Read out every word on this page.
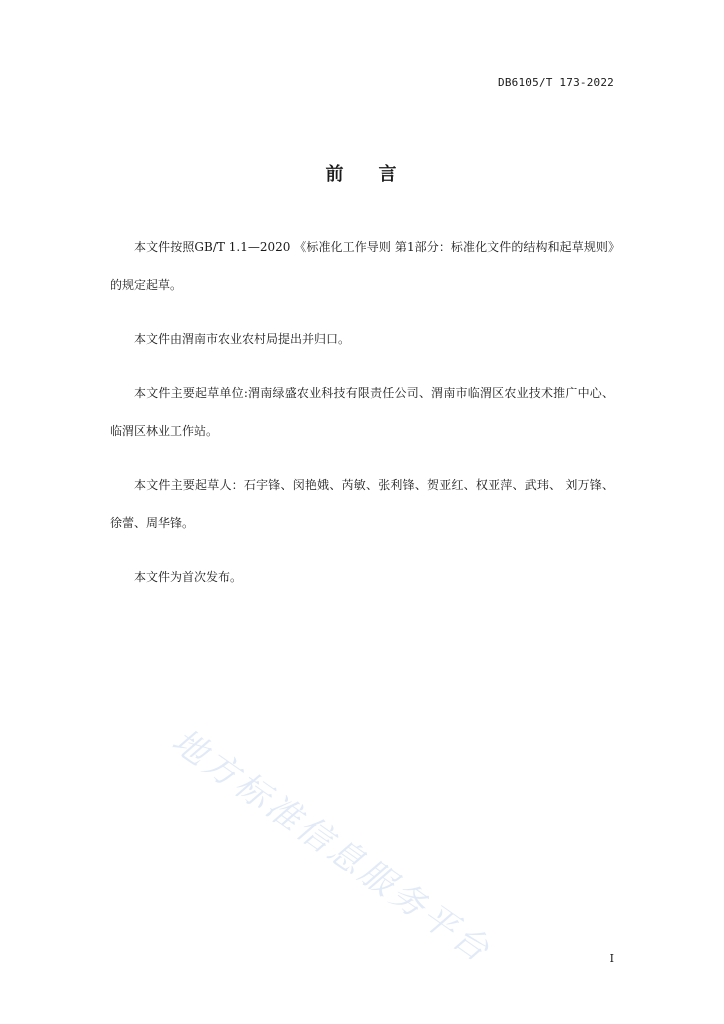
DB6105/T 173-2022
前    言

本文件按照GB/T 1.1—2020 《标准化工作导则 第1部分：标准化文件的结构和起草规则》的规定起草。

本文件由渭南市农业农村局提出并归口。

本文件主要起草单位:渭南绿盛农业科技有限责任公司、渭南市临渭区农业技术推广中心、临渭区林业工作站。

本文件主要起草人：石宇锋、闵艳娥、芮敏、张利锋、贺亚红、权亚萍、武玮、 刘万锋、徐蕾、周华锋。

本文件为首次发布。

地方标准信息服务平台	I
